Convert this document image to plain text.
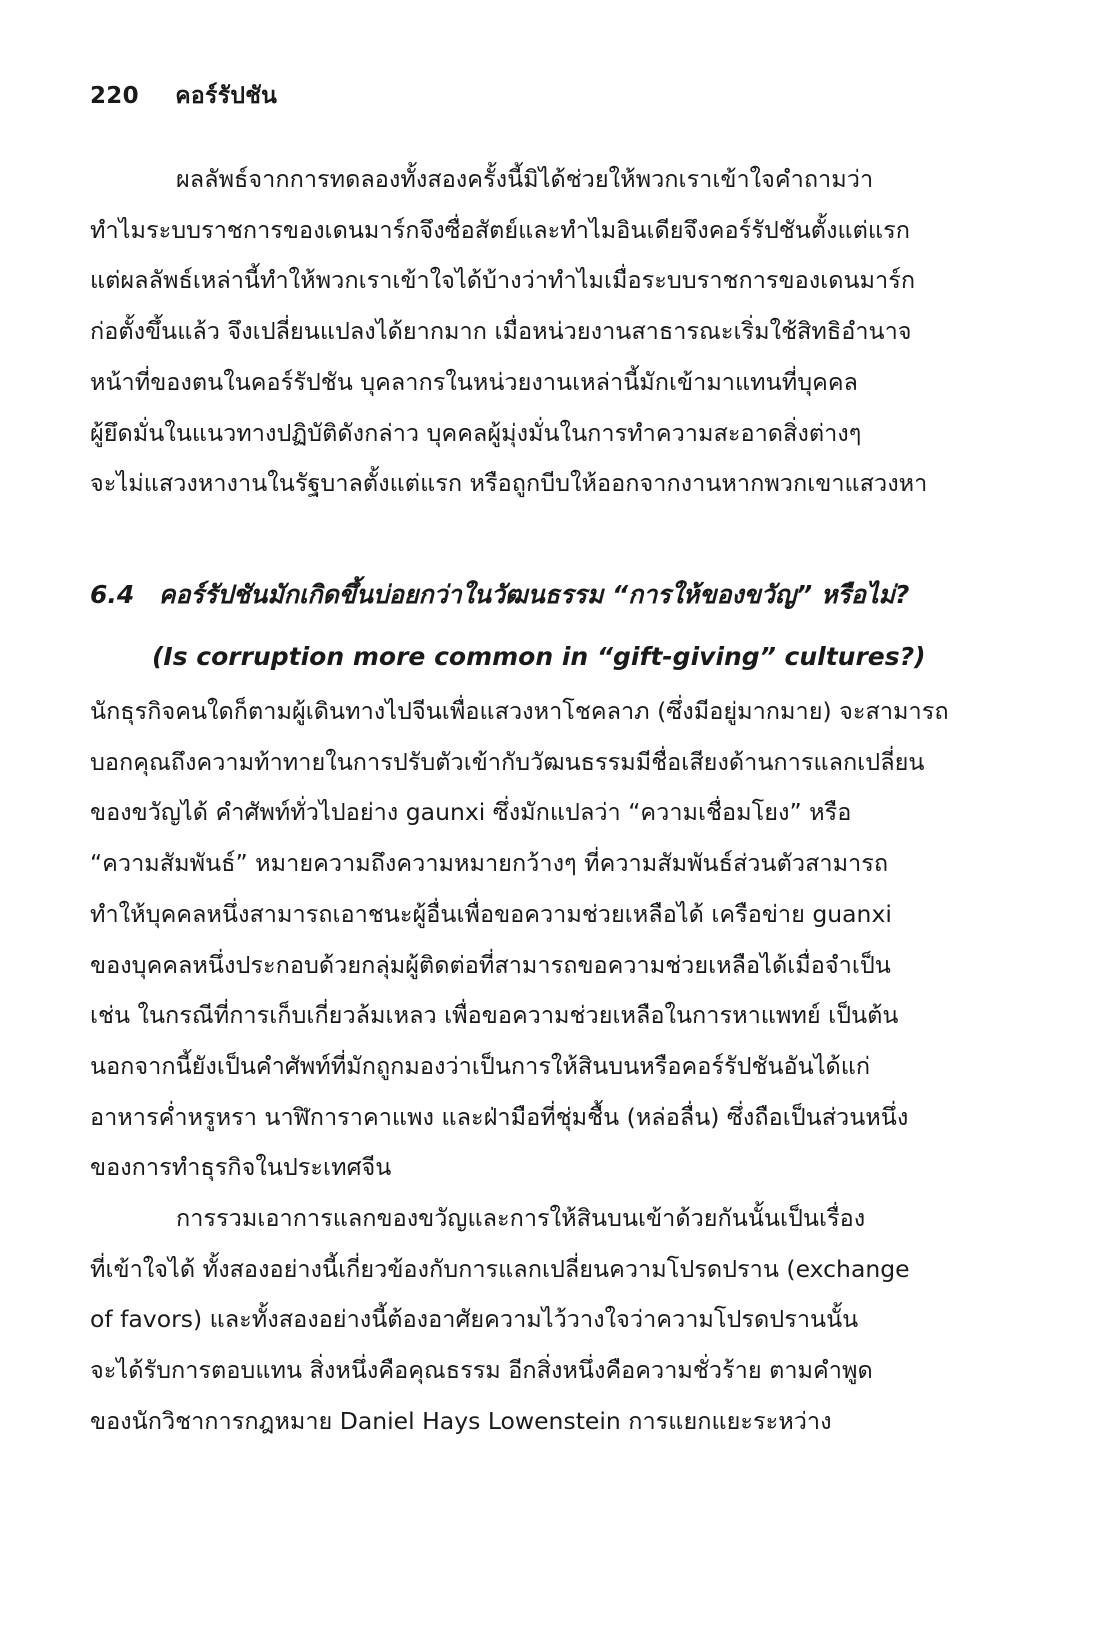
220 คอร์รัปชัน
ผลลัพธ์จากการทดลองทั้งสองครั้งนี้มิได้ช่วยให้พวกเราเข้าใจคำถามว่า
ทำไมระบบราชการของเดนมาร์กจึงซื่อสัตย์และทำไมอินเดียจึงคอร์รัปชันตั้งแต่แรก
แต่ผลลัพธ์เหล่านี้ทำให้พวกเราเข้าใจได้บ้างว่าทำไมเมื่อระบบราชการของเดนมาร์ก
ก่อตั้งขึ้นแล้ว จึงเปลี่ยนแปลงได้ยากมาก เมื่อหน่วยงานสาธารณะเริ่มใช้สิทธิอำนาจ
หน้าที่ของตนในคอร์รัปชัน บุคลากรในหน่วยงานเหล่านี้มักเข้ามาแทนที่บุคคล
ผู้ยึดมั่นในแนวทางปฏิบัติดังกล่าว บุคคลผู้มุ่งมั่นในการทำความสะอาดสิ่งต่างๆ
จะไม่แสวงหางานในรัฐบาลตั้งแต่แรก หรือถูกบีบให้ออกจากงานหากพวกเขาแสวงหา
6.4 คอร์รัปชันมักเกิดขึ้นบ่อยกว่าในวัฒนธรรม “การให้ของขวัญ” หรือไม่?
(Is corruption more common in “gift-giving” cultures?)
นักธุรกิจคนใดก็ตามผู้เดินทางไปจีนเพื่อแสวงหาโชคลาภ (ซึ่งมีอยู่มากมาย) จะสามารถ
บอกคุณถึงความท้าทายในการปรับตัวเข้ากับวัฒนธรรมมีชื่อเสียงด้านการแลกเปลี่ยน
ของขวัญได้ คำศัพท์ทั่วไปอย่าง gaunxi ซึ่งมักแปลว่า “ความเชื่อมโยง” หรือ
“ความสัมพันธ์” หมายความถึงความหมายกว้างๆ ที่ความสัมพันธ์ส่วนตัวสามารถ
ทำให้บุคคลหนึ่งสามารถเอาชนะผู้อื่นเพื่อขอความช่วยเหลือได้ เครือข่าย guanxi
ของบุคคลหนึ่งประกอบด้วยกลุ่มผู้ติดต่อที่สามารถขอความช่วยเหลือได้เมื่อจำเป็น
เช่น ในกรณีที่การเก็บเกี่ยวล้มเหลว เพื่อขอความช่วยเหลือในการหาแพทย์ เป็นต้น
นอกจากนี้ยังเป็นคำศัพท์ที่มักถูกมองว่าเป็นการให้สินบนหรือคอร์รัปชันอันได้แก่
อาหารค่ำหรูหรา นาฬิการาคาแพง และฝ่ามือที่ชุ่มชื้น (หล่อลื่น) ซึ่งถือเป็นส่วนหนึ่ง
ของการทำธุรกิจในประเทศจีน
การรวมเอาการแลกของขวัญและการให้สินบนเข้าด้วยกันนั้นเป็นเรื่อง
ที่เข้าใจได้ ทั้งสองอย่างนี้เกี่ยวข้องกับการแลกเปลี่ยนความโปรดปราน (exchange
of favors) และทั้งสองอย่างนี้ต้องอาศัยความไว้วางใจว่าความโปรดปรานนั้น
จะได้รับการตอบแทน สิ่งหนึ่งคือคุณธรรม อีกสิ่งหนึ่งคือความชั่วร้าย ตามคำพูด
ของนักวิชาการกฎหมาย Daniel Hays Lowenstein การแยกแยะระหว่าง
